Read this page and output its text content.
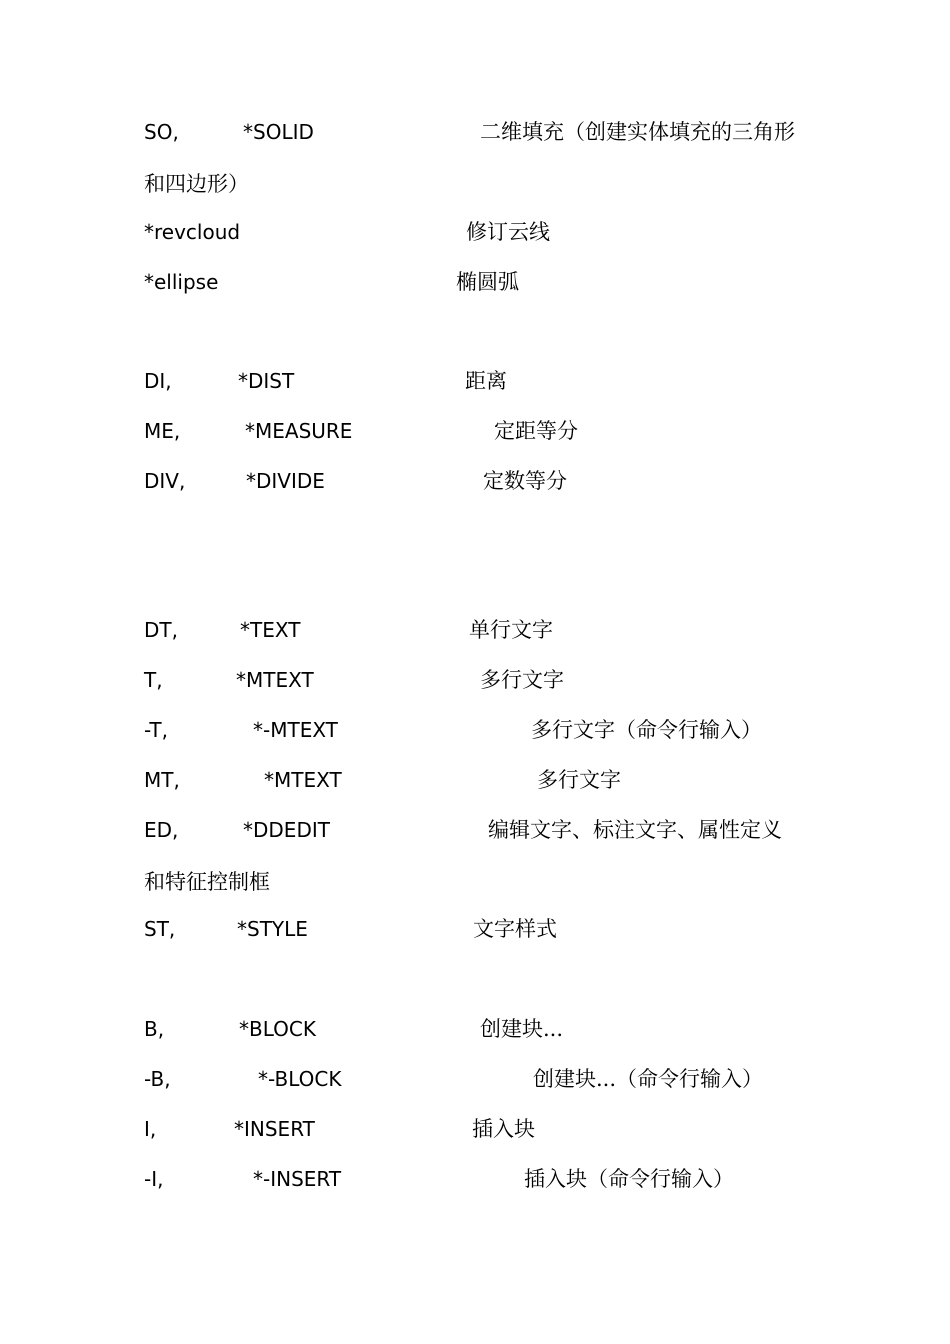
SO,	*SOLID	二维填充（创建实体填充的三角形
和四边形）
*revcloud	修订云线
*ellipse	椭圆弧
DI,	*DIST	距离
ME,	*MEASURE	定距等分
DIV,	*DIVIDE	定数等分
DT,	*TEXT	单行文字
T,	*MTEXT	多行文字
-T,	*-MTEXT	多行文字（命令行输入）
MT,	*MTEXT	多行文字
ED,	*DDEDIT	编辑文字、标注文字、属性定义
和特征控制框
ST,	*STYLE	文字样式
B,	*BLOCK	创建块...
-B,	*-BLOCK	创建块...（命令行输入）
I,	*INSERT	插入块
-I,	*-INSERT	插入块（命令行输入）
